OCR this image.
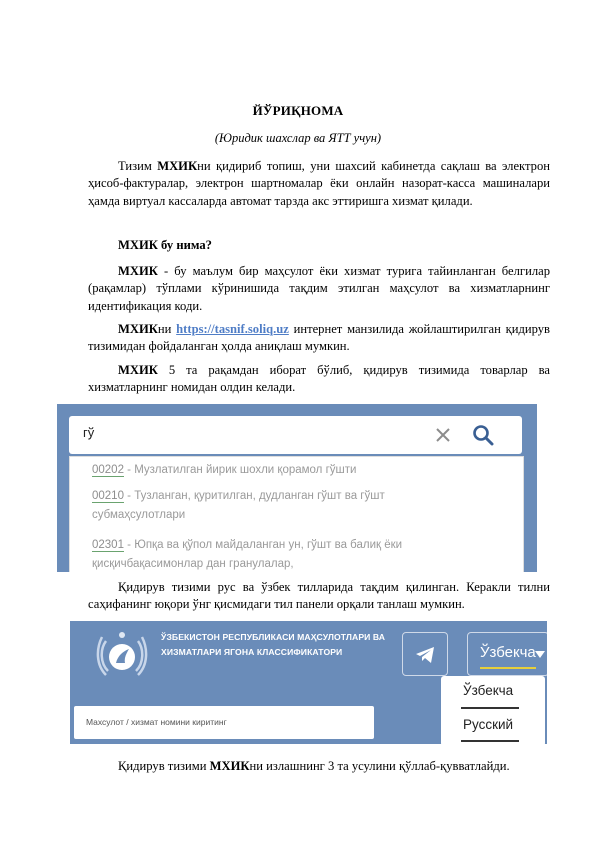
ЙЎРИҚНОМА
(Юридик шахслар ва ЯТТ учун)
Тизим МХИКни қидириб топиш, уни шахсий кабинетда сақлаш ва электрон ҳисоб-фактуралар, электрон шартномалар ёки онлайн назорат-касса машиналари ҳамда виртуал кассаларда автомат тарзда акс эттиришга хизмат қилади.
МХИК бу нима?
МХИК - бу маълум бир маҳсулот ёки хизмат турига тайинланган белгилар (рақамлар) тўплами кўринишида тақдим этилган маҳсулот ва хизматларнинг идентификация коди.
МХИКни https://tasnif.soliq.uz интернет манзилида жойлаштирилган қидирув тизимидан фойдаланган ҳолда аниқлаш мумкин.
МХИК 5 та рақамдан иборат бўлиб, қидирув тизимида товарлар ва хизматларнинг номидан олдин келади.
гў
00202 - Музлатилган йирик шохли қорамол гўшти
00210 - Тузланган, қуритилган, дудланган гўшт ва гўшт
субмаҳсулотлари
02301 - Юпқа ва қўпол майдаланган ун, гўшт ва балиқ ёки
қисқичбақасимонлар дан гранулалар,
Қидирув тизими рус ва ўзбек тилларида тақдим қилинган. Керакли тилни саҳифанинг юқори ўнг қисмидаги тил панели орқали танлаш мумкин.
ЎЗБЕКИСТОН РЕСПУБЛИКАСИ МАҲСУЛОТЛАРИ ВА
ХИЗМАТЛАРИ ЯГОНА КЛАССИФИКАТОРИ	Ўзбекча
Махсулот / хизмат номини киритинг
Ўзбекча
Русский
Қидирув тизими МХИКни излашнинг 3 та усулини қўллаб-қувватлайди.
